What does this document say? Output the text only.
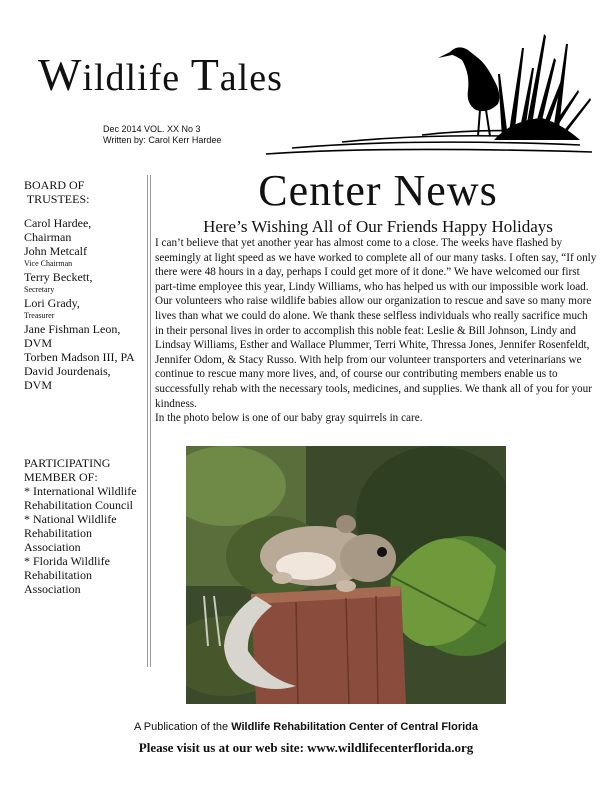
Wildlife Tales
Dec 2014 VOL. XX No 3
Written by: Carol Kerr Hardee
BOARD OF
TRUSTEES:
Carol Hardee,
Chairman
John Metcalf
Vice Chairman
Terry Beckett,
Secretary
Lori Grady,
Treasurer
Jane Fishman Leon,
DVM
Torben Madson III, PA
David Jourdenais,
DVM
PARTICIPATING
MEMBER OF:
* International Wildlife Rehabilitation Council
* National Wildlife Rehabilitation Association
* Florida Wildlife Rehabilitation Association
Center News
Here’s Wishing All of Our Friends Happy Holidays
I can’t believe that yet another year has almost come to a close. The weeks have flashed by seemingly at light speed as we have worked to complete all of our many tasks. I often say, “If only there were 48 hours in a day, perhaps I could get more of it done.” We have welcomed our first part-time employee this year, Lindy Williams, who has helped us with our impossible work load. Our volunteers who raise wildlife babies allow our organization to rescue and save so many more lives than what we could do alone. We thank these selfless individuals who really sacrifice much in their personal lives in order to accomplish this noble feat: Leslie & Bill Johnson, Lindy and Lindsay Williams, Esther and Wallace Plummer, Terri White, Thressa Jones, Jennifer Rosenfeldt, Jennifer Odom, & Stacy Russo. With help from our volunteer transporters and veterinarians we continue to rescue many more lives, and, of course our contributing members enable us to successfully rehab with the necessary tools, medicines, and supplies. We thank all of you for your kindness.
In the photo below is one of our baby gray squirrels in care.
A Publication of the Wildlife Rehabilitation Center of Central Florida
Please visit us at our web site: www.wildlifecenterflorida.org
